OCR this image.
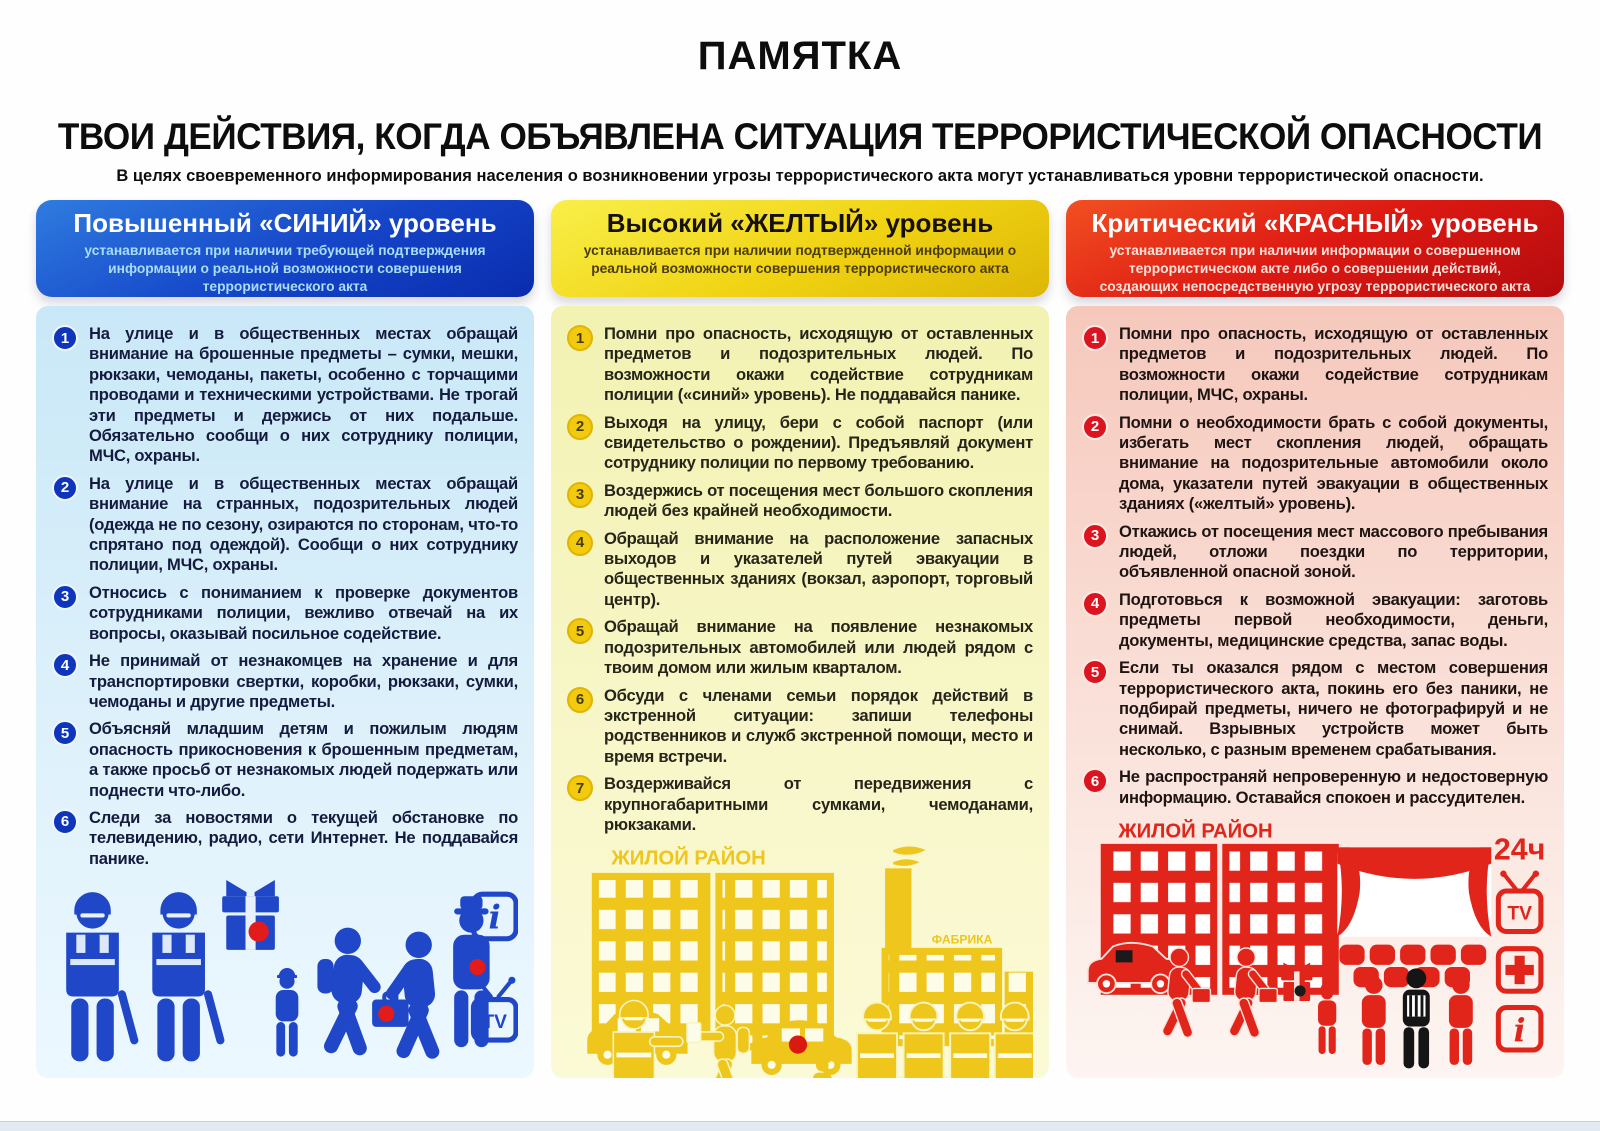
ПАМЯТКА
ТВОИ ДЕЙСТВИЯ, КОГДА ОБЪЯВЛЕНА СИТУАЦИЯ ТЕРРОРИСТИЧЕСКОЙ ОПАСНОСТИ
В целях своевременного информирования населения о возникновении угрозы террористического акта могут устанавливаться уровни террористической опасности.
Повышенный «СИНИЙ» уровень
устанавливается при наличии требующей подтверждения информации о реальной возможности совершения террористического акта
1	На улице и в общественных местах обращай внимание на брошенные предметы – сумки, мешки, рюкзаки, чемоданы, пакеты, особенно с торчащими проводами и техническими устройствами. Не трогай эти предметы и держись от них подальше. Обязательно сообщи о них сотруднику полиции, МЧС, охраны.
2	На улице и в общественных местах обращай внимание на странных, подозрительных людей (одежда не по сезону, озираются по сторонам, что-то спрятано под одеждой). Сообщи о них сотруднику полиции, МЧС, охраны.
3	Относись с пониманием к проверке документов сотрудниками полиции, вежливо отвечай на их вопросы, оказывай посильное содействие.
4	Не принимай от незнакомцев на хранение и для транспортировки свертки, коробки, рюкзаки, сумки, чемоданы и другие предметы.
5	Объясняй младшим детям и пожилым людям опасность прикосновения к брошенным предметам, а также просьб от незнакомых людей подержать или поднести что-либо.
6	Следи за новостями о текущей обстановке по телевидению, радио, сети Интернет. Не поддавайся панике.
i
TV
Высокий «ЖЕЛТЫЙ» уровень
устанавливается при наличии подтвержденной информации о реальной возможности совершения террористического акта
1	Помни про опасность, исходящую от оставленных предметов и подозрительных людей. По возможности окажи содействие сотрудникам полиции («синий» уровень). Не поддавайся панике.
2	Выходя на улицу, бери с собой паспорт (или свидетельство о рождении). Предъявляй документ сотруднику полиции по первому требованию.
3	Воздержись от посещения мест большого скопления людей без крайней необходимости.
4	Обращай внимание на расположение запасных выходов и указателей путей эвакуации в общественных зданиях (вокзал, аэропорт, торговый центр).
5	Обращай внимание на появление незнакомых подозрительных автомобилей или людей рядом с твоим домом или жилым кварталом.
6	Обсуди с членами семьи порядок действий в экстренной ситуации: запиши телефоны родственников и служб экстренной помощи, место и время встречи.
7	Воздерживайся от передвижения с крупногабаритными сумками, чемоданами, рюкзаками.
ЖИЛОЙ РАЙОН
ФАБРИКА
Критический «КРАСНЫЙ» уровень
устанавливается при наличии информации о совершенном террористическом акте либо о совершении действий, создающих непосредственную угрозу террористического акта
1	Помни про опасность, исходящую от оставленных предметов и подозрительных людей. По возможности окажи содействие сотрудникам полиции, МЧС, охраны.
2	Помни о необходимости брать с собой документы, избегать мест скопления людей, обращать внимание на подозрительные автомобили около дома, указатели путей эвакуации в общественных зданиях («желтый» уровень).
3	Откажись от посещения мест массового пребывания людей, отложи поездки по территории, объявленной опасной зоной.
4	Подготовься к возможной эвакуации: заготовь предметы первой необходимости, деньги, документы, медицинские средства, запас воды.
5	Если ты оказался рядом с местом совершения террористического акта, покинь его без паники, не подбирай предметы, ничего не фотографируй и не снимай. Взрывных устройств может быть несколько, с разным временем срабатывания.
6	Не распространяй непроверенную и недостоверную информацию. Оставайся спокоен и рассудителен.
ЖИЛОЙ РАЙОН
24ч
TV
i
